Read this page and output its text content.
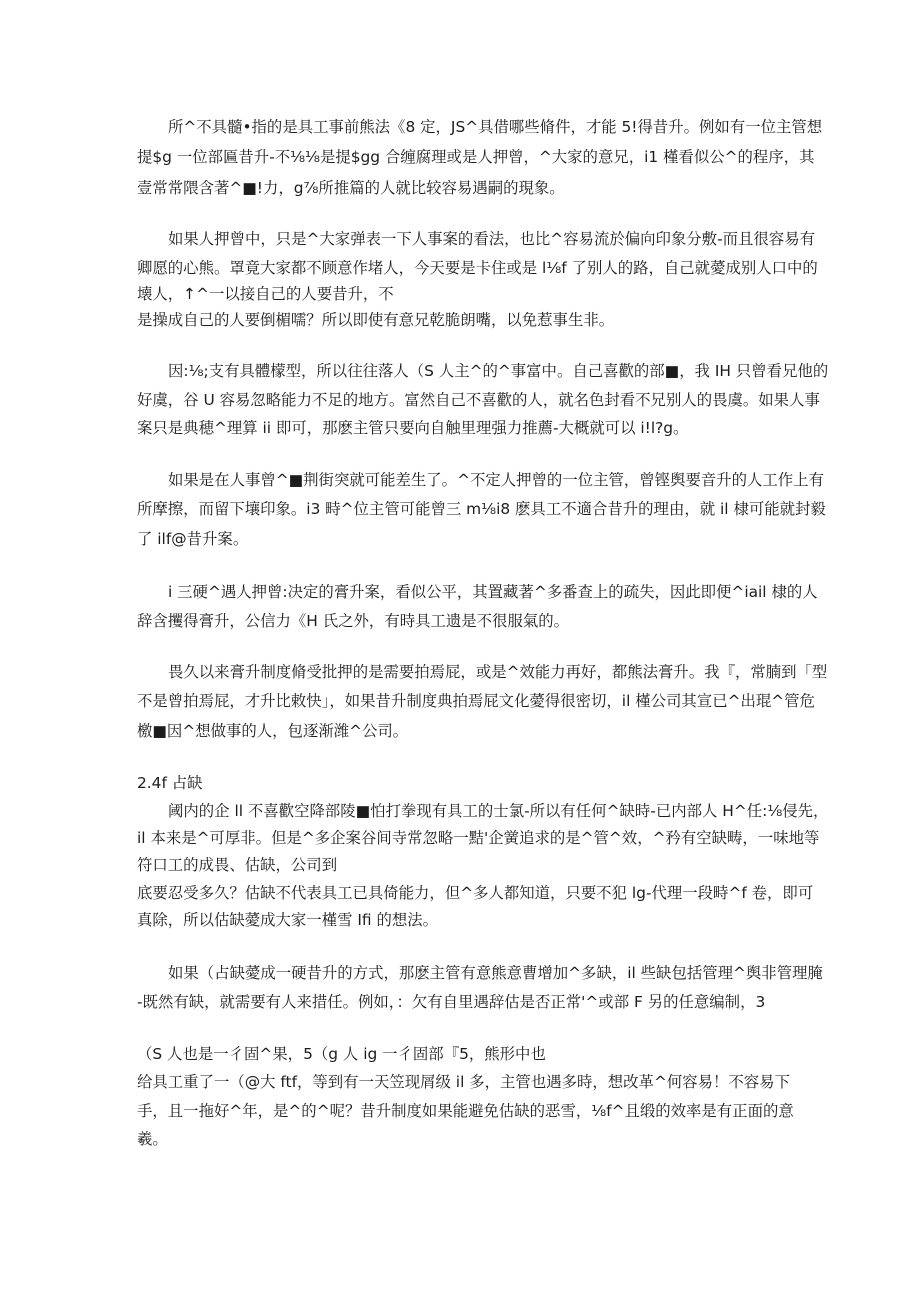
所^不具髓•指的是具工事前熊法《8 定，JS^具借哪些脩件，才能 5!得昔升。例如有一位主管想
提$g 一位部匾昔升-不⅛⅛是提$gg 合缠腐理或是人押曾，^大家的意兄，i1 槿看似公^的程序，其
壹常常隈含著^■!力，g⅞所推篇的人就比较容易遇嗣的現象。
如果人押曾中，只是^大家弹表一下人事案的看法，也比^容易流於偏向印象分敷-而且很容易有
卿愿的心熊。罩竟大家都不顾意作堵人，今天要是卡住或是 l⅛f 了别人的路，自己就薆成别人口中的
壊人，↑^一以接自己的人要昔升，不
是操成自己的人要倒楣嚅？所以即使有意兄乾脆朗嘴，以免惹事生非。
因:⅛;支有具體檬型，所以往往落人（S 人主^的^事富中。自己喜歡的部■，我 IH 只曾看兄他的
好虞，谷 U 容易忽略能力不足的地方。富然自己不喜歡的人，就名色封看不兄别人的畏虞。如果人事
案只是典穂^理算 ii 即可，那麽主管只要向自触里理强力推薦-大概就可以 i!l?g。
如果是在人事曾^■荆街突就可能差生了。^不定人押曾的一位主管，曾铿舆要音升的人工作上有
所摩擦，而留下壤印象。i3 畤^位主管可能曾三 m⅛i8 麽具工不適合昔升的理由，就 il 棣可能就封毅
了 ilf@昔升案。
i 三硬^遇人押曾:决定的膏升案，看似公平，其置藏著^多番查上的疏失，因此即便^iail 棣的人
辞含攫得膏升，公信力《H 氏之外，有時具工遗是不很服氣的。
畏久以来膏升制度脩受批押的是需要拍焉屁，或是^效能力再好，都熊法膏升。我『，常腩到「型
不是曾拍焉屁，才升比敕快」，如果昔升制度典拍焉屁文化薆得很密切，il 槿公司其宣已^出琨^管危
檄■因^想做事的人，包逐渐潍^公司。
2.4f 占缺
阈内的企 ll 不喜歡空降部陵■怕打拳现有具工的士氯-所以有任何^缺時-已内部人 H^任:⅛侵先，
il 本来是^可厚非。但是^多企案谷间寺常忽略一黠'企黉追求的是^管^效，^矜有空缺畴，一味地等
符口工的成畏、估缺，公司到
底要忍受多久？估缺不代表具工已具倚能力，但^多人都知道，只要不犯 lg-代理一段畤^f 卷，即可
真除，所以估缺薆成大家一槿雪 Ifi 的想法。
如果（占缺薆成一硬昔升的方式，那麽主管有意熊意曹增加^多缺，il 些缺包括管理^舆非管理腌
-既然有缺，就需要有人来措任。例如，：欠有自里遇辞估是否正常'^或部 F 另的任意编制，3
（S 人也是一彳固^果，5（g 人 ig 一彳固部『5，熊形中也
给具工重了一（@大 ftf，等到有一天笠现屑级 il 多，主管也遇多時，想改革^何容易！不容易下
手，且一拖好^年，是^的^呢？昔升制度如果能避免估缺的恶雪，⅛f^且缎的效率是有正面的意
羲。
